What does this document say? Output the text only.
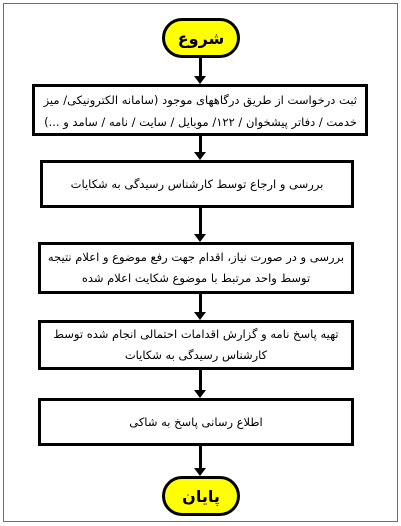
شروع
ثبت درخواست از طریق درگاههای موجود (سامانه الکترونیکی/ میز خدمت / دفاتر پیشخوان / ۱۲۲/ موبایل / سایت / نامه / سامد و ...)
بررسی و ارجاع توسط کارشناس رسیدگی به شکایات
بررسی و در صورت نیاز، اقدام جهت رفع موضوع و اعلام نتیجه توسط واحد مرتبط با موضوع شکایت اعلام شده
تهیه پاسخ نامه و گزارش اقدامات احتمالی انجام شده توسط کارشناس رسیدگی به شکایات
اطلاع رسانی پاسخ به شاکی
پایان
